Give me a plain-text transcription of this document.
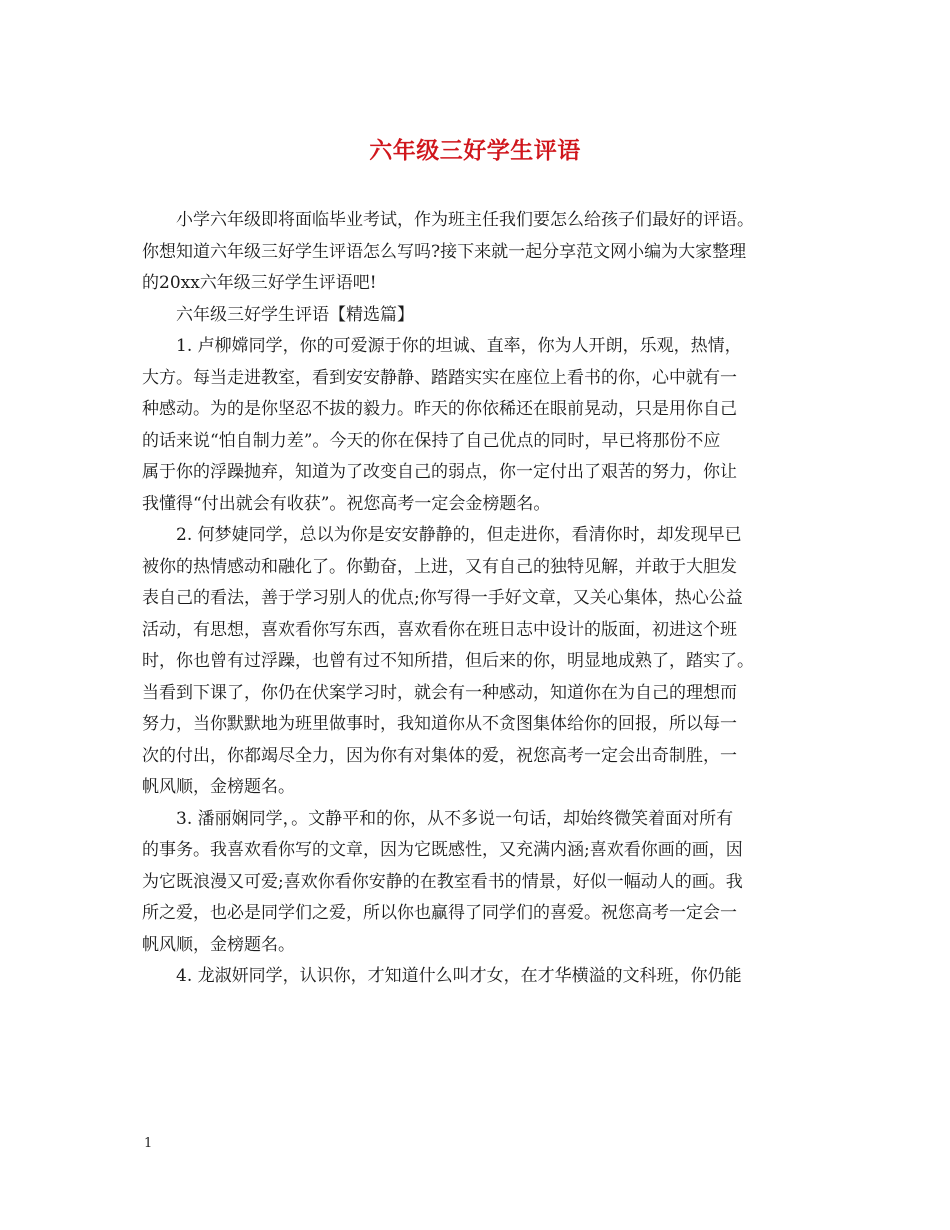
六年级三好学生评语
小学六年级即将面临毕业考试，作为班主任我们要怎么给孩子们最好的评语。
你想知道六年级三好学生评语怎么写吗?接下来就一起分享范文网小编为大家整理
的20xx六年级三好学生评语吧!
六年级三好学生评语【精选篇】
1. 卢柳嫦同学，你的可爱源于你的坦诚、直率，你为人开朗，乐观，热情，
大方。每当走进教室，看到安安静静、踏踏实实在座位上看书的你，心中就有一
种感动。为的是你坚忍不拔的毅力。昨天的你依稀还在眼前晃动，只是用你自己
的话来说“怕自制力差”。今天的你在保持了自己优点的同时，早已将那份不应
属于你的浮躁抛弃，知道为了改变自己的弱点，你一定付出了艰苦的努力，你让
我懂得“付出就会有收获”。祝您高考一定会金榜题名。
2. 何梦婕同学，总以为你是安安静静的，但走进你，看清你时，却发现早已
被你的热情感动和融化了。你勤奋，上进，又有自己的独特见解，并敢于大胆发
表自己的看法，善于学习别人的优点;你写得一手好文章，又关心集体，热心公益
活动，有思想，喜欢看你写东西，喜欢看你在班日志中设计的版面，初进这个班
时，你也曾有过浮躁，也曾有过不知所措，但后来的你，明显地成熟了，踏实了。
当看到下课了，你仍在伏案学习时，就会有一种感动，知道你在为自己的理想而
努力，当你默默地为班里做事时，我知道你从不贪图集体给你的回报，所以每一
次的付出，你都竭尽全力，因为你有对集体的爱，祝您高考一定会出奇制胜，一
帆风顺，金榜题名。
3. 潘丽娴同学，。文静平和的你，从不多说一句话，却始终微笑着面对所有
的事务。我喜欢看你写的文章，因为它既感性，又充满内涵;喜欢看你画的画，因
为它既浪漫又可爱;喜欢你看你安静的在教室看书的情景，好似一幅动人的画。我
所之爱，也必是同学们之爱，所以你也赢得了同学们的喜爱。祝您高考一定会一
帆风顺，金榜题名。
4. 龙淑妍同学，认识你，才知道什么叫才女，在才华横溢的文科班，你仍能
1
